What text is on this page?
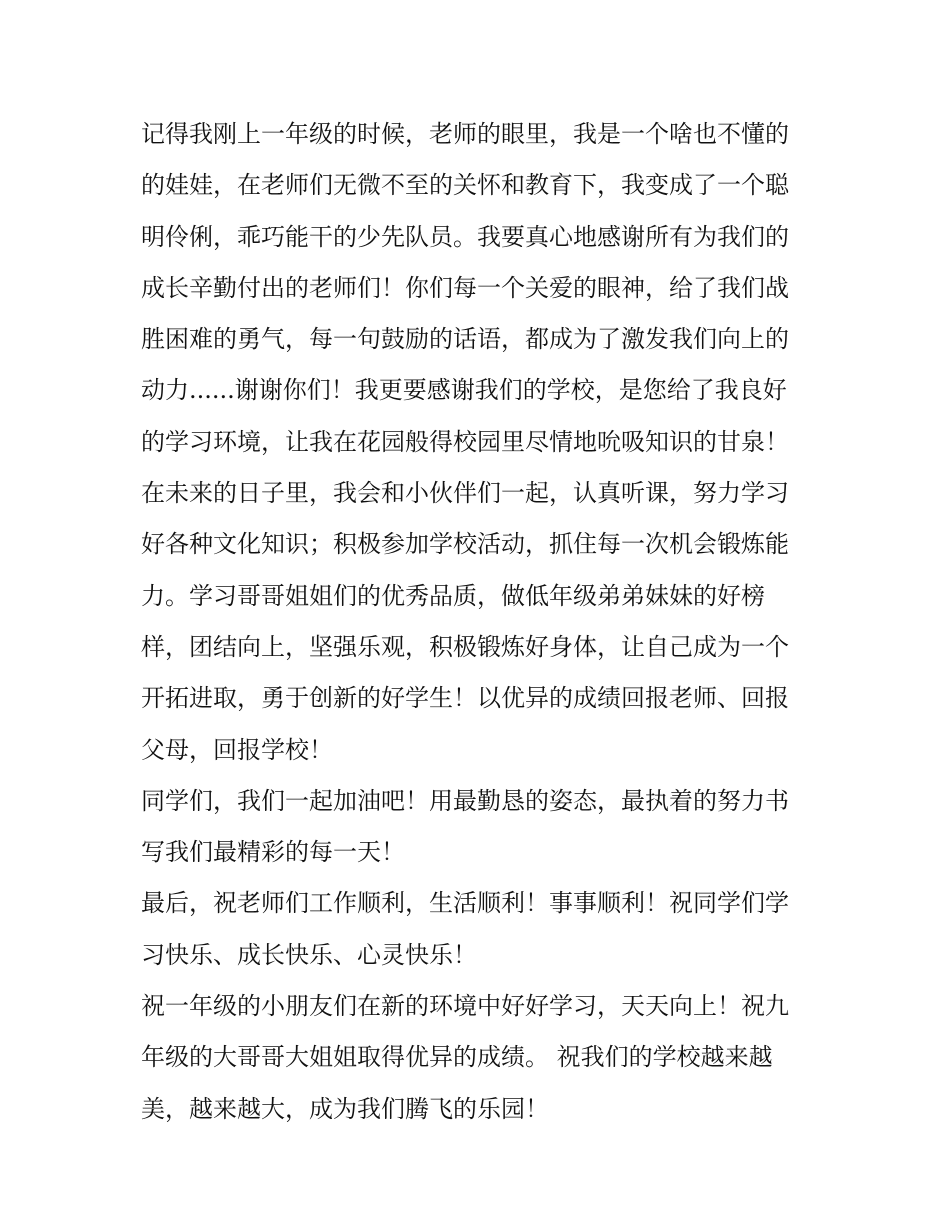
记得我刚上一年级的时候，老师的眼里，我是一个啥也不懂的
的娃娃，在老师们无微不至的关怀和教育下，我变成了一个聪
明伶俐，乖巧能干的少先队员。我要真心地感谢所有为我们的
成长辛勤付出的老师们！你们每一个关爱的眼神，给了我们战
胜困难的勇气，每一句鼓励的话语，都成为了激发我们向上的
动力......谢谢你们！我更要感谢我们的学校，是您给了我良好
的学习环境，让我在花园般得校园里尽情地吮吸知识的甘泉！
在未来的日子里，我会和小伙伴们一起，认真听课，努力学习
好各种文化知识；积极参加学校活动，抓住每一次机会锻炼能
力。学习哥哥姐姐们的优秀品质，做低年级弟弟妹妹的好榜
样，团结向上，坚强乐观，积极锻炼好身体，让自己成为一个
开拓进取，勇于创新的好学生！以优异的成绩回报老师、回报
父母，回报学校！
同学们，我们一起加油吧！用最勤恳的姿态，最执着的努力书
写我们最精彩的每一天！
最后，祝老师们工作顺利，生活顺利！事事顺利！祝同学们学
习快乐、成长快乐、心灵快乐！
祝一年级的小朋友们在新的环境中好好学习，天天向上！祝九
年级的大哥哥大姐姐取得优异的成绩。 祝我们的学校越来越
美，越来越大，成为我们腾飞的乐园！
